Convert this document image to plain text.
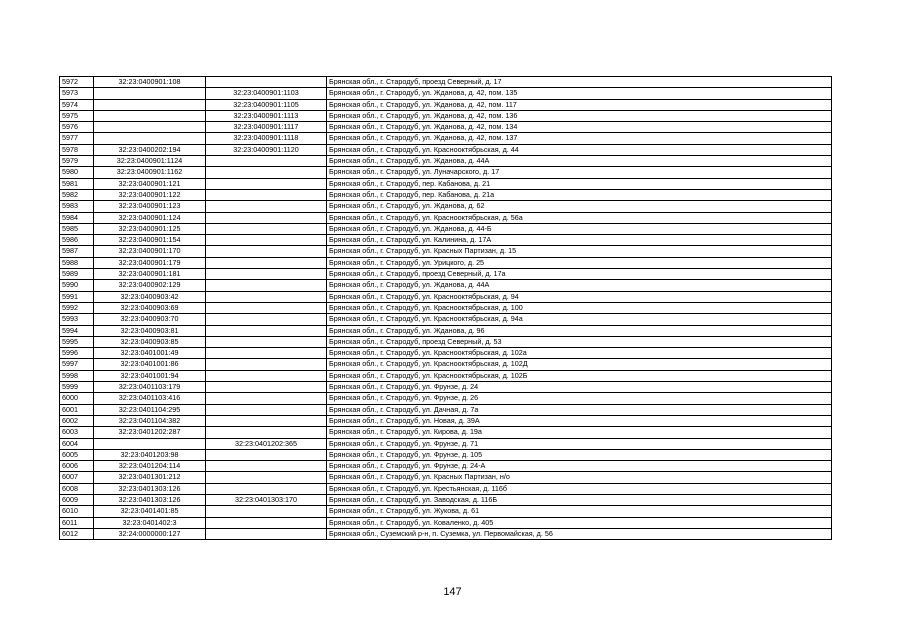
5972	32:23:0400901:108		Брянская обл., г. Стародуб, проезд Северный, д. 17
5973		32:23:0400901:1103	Брянская обл., г. Стародуб, ул. Жданова, д. 42, пом. 135
5974		32:23:0400901:1105	Брянская обл., г. Стародуб, ул. Жданова, д. 42, пом. 117
5975		32:23:0400901:1113	Брянская обл., г. Стародуб, ул. Жданова, д. 42, пом. 136
5976		32:23:0400901:1117	Брянская обл., г. Стародуб, ул. Жданова, д. 42, пом. 134
5977		32:23:0400901:1118	Брянская обл., г. Стародуб, ул. Жданова, д. 42, пом. 137
5978	32:23:0400202:194	32:23:0400901:1120	Брянская обл., г. Стародуб, ул. Краснооктябрьская, д. 44
5979	32:23:0400901:1124		Брянская обл., г. Стародуб, ул. Жданова, д. 44А
5980	32:23:0400901:1162		Брянская обл., г. Стародуб, ул. Луначарского, д. 17
5981	32:23:0400901:121		Брянская обл., г. Стародуб, пер. Кабанова, д. 21
5982	32:23:0400901:122		Брянская обл., г. Стародуб, пер. Кабанова, д. 21а
5983	32:23:0400901:123		Брянская обл., г. Стародуб, ул. Жданова, д. 62
5984	32:23:0400901:124		Брянская обл., г. Стародуб, ул. Краснооктябрьская, д. 56а
5985	32:23:0400901:125		Брянская обл., г. Стародуб, ул. Жданова, д. 44-Б
5986	32:23:0400901:154		Брянская обл., г. Стародуб, ул. Калинина, д. 17А
5987	32:23:0400901:170		Брянская обл., г. Стародуб, ул. Красных Партизан, д. 15
5988	32:23:0400901:179		Брянская обл., г. Стародуб, ул. Урицкого, д. 25
5989	32:23:0400901:181		Брянская обл., г. Стародуб, проезд Северный, д. 17а
5990	32:23:0400902:129		Брянская обл., г. Стародуб, ул. Жданова, д. 44А
5991	32:23:0400903:42		Брянская обл., г. Стародуб, ул. Краснооктябрьская, д. 94
5992	32:23:0400903:69		Брянская обл., г. Стародуб, ул. Краснооктябрьская, д. 100
5993	32:23:0400903:70		Брянская обл., г. Стародуб, ул. Краснооктябрьская, д. 94а
5994	32:23:0400903:81		Брянская обл., г. Стародуб, ул. Жданова, д. 96
5995	32:23:0400903:85		Брянская обл., г. Стародуб, проезд Северный, д. 53
5996	32:23:0401001:49		Брянская обл., г. Стародуб, ул. Краснооктябрьская, д. 102а
5997	32:23:0401001:86		Брянская обл., г. Стародуб, ул. Краснооктябрьская, д. 102Д
5998	32:23:0401001:94		Брянская обл., г. Стародуб, ул. Краснооктябрьская, д. 102Б
5999	32:23:0401103:179		Брянская обл., г. Стародуб, ул. Фрунзе, д. 24
6000	32:23:0401103:416		Брянская обл., г. Стародуб, ул. Фрунзе, д. 26
6001	32:23:0401104:295		Брянская обл., г. Стародуб, ул. Дачная, д. 7а
6002	32:23:0401104:382		Брянская обл., г. Стародуб, ул. Новая, д. 39А
6003	32:23:0401202:287		Брянская обл., г. Стародуб, ул. Кирова, д. 19а
6004		32:23:0401202:365	Брянская обл., г. Стародуб, ул. Фрунзе, д. 71
6005	32:23:0401203:98		Брянская обл., г. Стародуб, ул. Фрунзе, д. 105
6006	32:23:0401204:114		Брянская обл., г. Стародуб, ул. Фрунзе, д. 24-А
6007	32:23:0401301:212		Брянская обл., г. Стародуб, ул. Красных Партизан, н/о
6008	32:23:0401303:126		Брянская обл., г. Стародуб, ул. Крестьянская, д. 116б
6009	32:23:0401303:126	32:23:0401303:170	Брянская обл., г. Стародуб, ул. Заводская, д. 116Б
6010	32:23:0401401:85		Брянская обл., г. Стародуб, ул. Жукова, д. 61
6011	32:23:0401402:3		Брянская обл., г. Стародуб, ул. Коваленко, д. 405
6012	32:24:0000000:127		Брянская обл., Суземский р-н, п. Суземка, ул. Первомайская, д. 56
147
